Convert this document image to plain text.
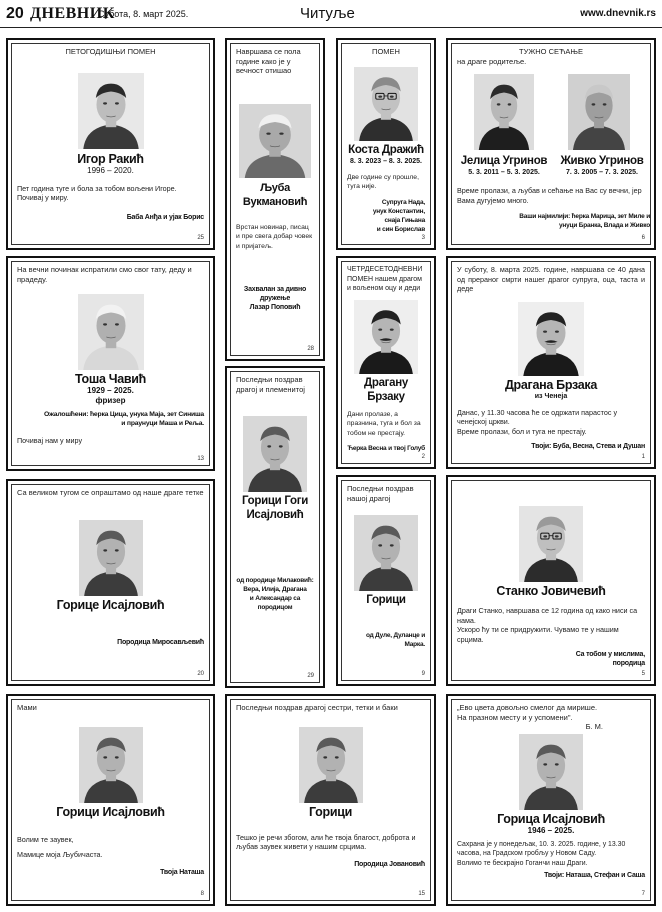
20 ДНЕВНИК
Субота, 8. март 2025.	Читуље	www.dnevnik.rs
ПЕТОГОДИШЊИ ПОМЕН
Игор Ракић
1996 – 2020.
Пет година туге и бола за тобом вољени Игоре.
Почивај у миру.
Баба Анђа и ујак Борис
25
Навршава се пола године како је у вечност отишао
Љуба Вукмановић
Врстан новинар, писац и пре свега добар човек и пријатељ.
Захвалан за дивно дружење
Лазар Поповић
28
ПОМЕН
Коста Дражић
8. 3. 2023 – 8. 3. 2025.
Две године су прошле, тугa није.
Супруга Нада,
унук Константин,
снаја Гињана
и син Борислав
3
ТУЖНО СЕЋАЊЕ
на драге родитеље.
Јелица Угринов
5. 3. 2011 – 5. 3. 2025.
Живко Угринов
7. 3. 2005 – 7. 3. 2025.
Време пролази, а љубав и сећање на Вас су вечни, јер Вама дугујемо много.
Ваши најмилији: ћерка Марица, зет Миле и унуци Бранка, Влада и Живко
6
На вечни починак испратили смо свог тату, деду и прадеду.
Тоша Чавић
1929 – 2025.
фризер
Ожалошћени: ћерка Цица, унука Маја, зет Синиша
и праунуци Маша и Реља.
Почивај нам у миру
13
ЧЕТРДЕСЕТОДНЕВНИ ПОМЕН нашем драгом и вољеном оцу и деди
Драгану Брзаку
Дани пролазе, а празнина, туга и бол за тобом не престају.
Ћерка Весна и твој Голуб
2
У суботу, 8. марта 2025. године, навршава се 40 дана од прераног смрти нашег драгог супруга, оца, таста и деде
Драгана Брзака
из Ченеја
Данас, у 11.30 часова ће се одржати парастос у ченејској цркви.
Време пролази, бол и туга не престају.
Твоји: Буба, Весна, Стева и Душан
1
Последњи поздрав драгој и племенитој
Горици Гоги
Исајловић
од породице Милаковић:
Вера, Илија, Драгана
и Александар са породицом
29
Са великом тугом се опраштамо од наше драге тетке
Горице Исајловић
Породица Миросављевић
20
Последњи поздрав нашој драгој
Горици
од Дуле, Дуланце и Марка.
9
Станко Јовичевић
Драги Станко, навршава се 12 година од како ниси са нама.
Ускоро ћу ти се придружити. Чувамо те у нашим срцима.
Са тобом у мислима,
породица
5
Мами
Горици Исајловић
Волим те заувек,
Мамице моја Љубичаста.
Твоја Наташа
8
Последњи поздрав драгој сестри, тетки и баки
Горици
Тешко је речи збогом, али ће твоја благост, доброта и љубав заувек живети у нашим срцима.
Породица Јовановић
15
„Ево цвета довољно смелог да мирише.
На празном месту и у успомени".
Б. М.
Горица Исајловић
1946 – 2025.
Сахрана је у понедељак, 10. 3. 2025. године, у 13.30 часова, на Градском гробљу у Новом Саду.
Волимо те бескрајно Гоганчи наш Драги.
Твоји: Наташа, Стефан и Саша
7
